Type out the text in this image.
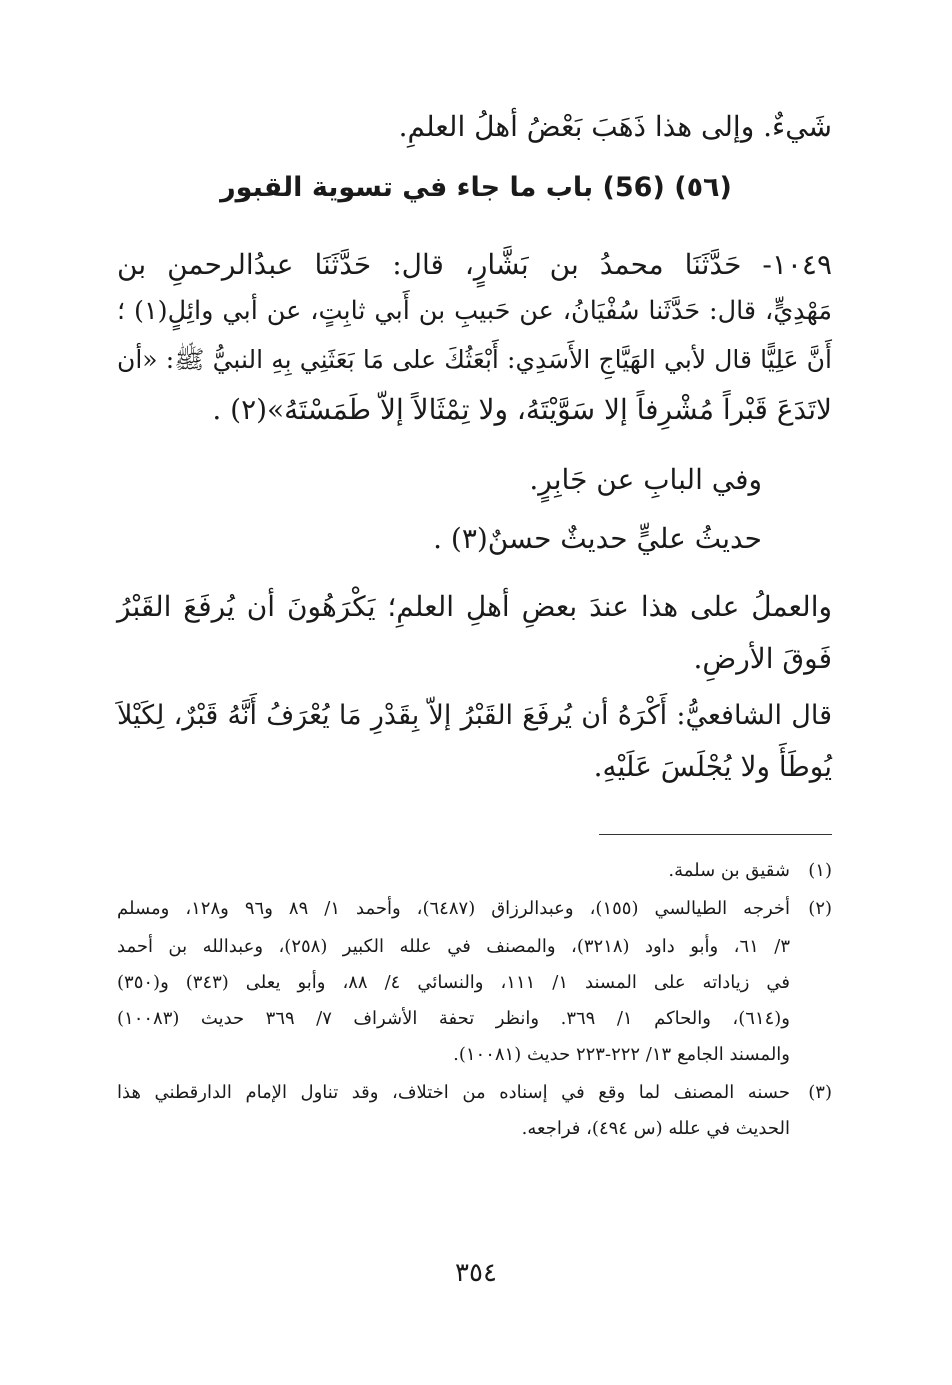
شَيءٌ. وإلى هذا ذَهَبَ بَعْضُ أهلُ العلمِ.
(٥٦) (56) باب ما جاء في تسوية القبور
١٠٤٩- حَدَّثَنَا محمدُ بن بَشَّارٍ، قال: حَدَّثَنَا عبدُالرحمنِ بن
مَهْدِيٍّ، قال: حَدَّثَنا سُفْيَانُ، عن حَبيبِ بن أَبي ثابِتٍ، عن أبي وائِلٍ(١) ؛
أَنَّ عَلِيًّا قال لأبي الهَيَّاجِ الأَسَدِي: أَبْعَثُكَ على مَا بَعَثَنِي بِهِ النبيُّ ﷺ: «أن
لاتَدَعَ قَبْراً مُشْرِفاً إلا سَوَّيْتَهُ، ولا تِمْثَالاً إلاّ طَمَسْتَهُ»(٢) .
وفي البابِ عن جَابِرٍ.
حديثُ عليٍّ حديثٌ حسنٌ(٣) .
والعملُ على هذا عندَ بعضِ أهلِ العلمِ؛ يَكْرَهُونَ أن يُرفَعَ القَبْرُ
فَوقَ الأرضِ.
قال الشافعيُّ: أَكْرَهُ أن يُرفَعَ القَبْرُ إلاّ بِقَدْرِ مَا يُعْرَفُ أَنَّهُ قَبْرٌ، لِكَيْلاَ
يُوطَأَ ولا يُجْلَسَ عَلَيْهِ.
(١)شقيق بن سلمة.
(٢)أخرجه الطيالسي (١٥٥)، وعبدالرزاق (٦٤٨٧)، وأحمد ١/ ٨٩ و٩٦ و١٢٨، ومسلم
٣/ ٦١، وأبو داود (٣٢١٨)، والمصنف في علله الكبير (٢٥٨)، وعبدالله بن أحمد
في زياداته على المسند ١/ ١١١، والنسائي ٤/ ٨٨، وأبو يعلى (٣٤٣) و(٣٥٠)
و(٦١٤)، والحاكم ١/ ٣٦٩. وانظر تحفة الأشراف ٧/ ٣٦٩ حديث (١٠٠٨٣)
والمسند الجامع ١٣/ ٢٢٢-٢٢٣ حديث (١٠٠٨١).
(٣)حسنه المصنف لما وقع في إسناده من اختلاف، وقد تناول الإمام الدارقطني هذا
الحديث في علله (س ٤٩٤)، فراجعه.
٣٥٤
